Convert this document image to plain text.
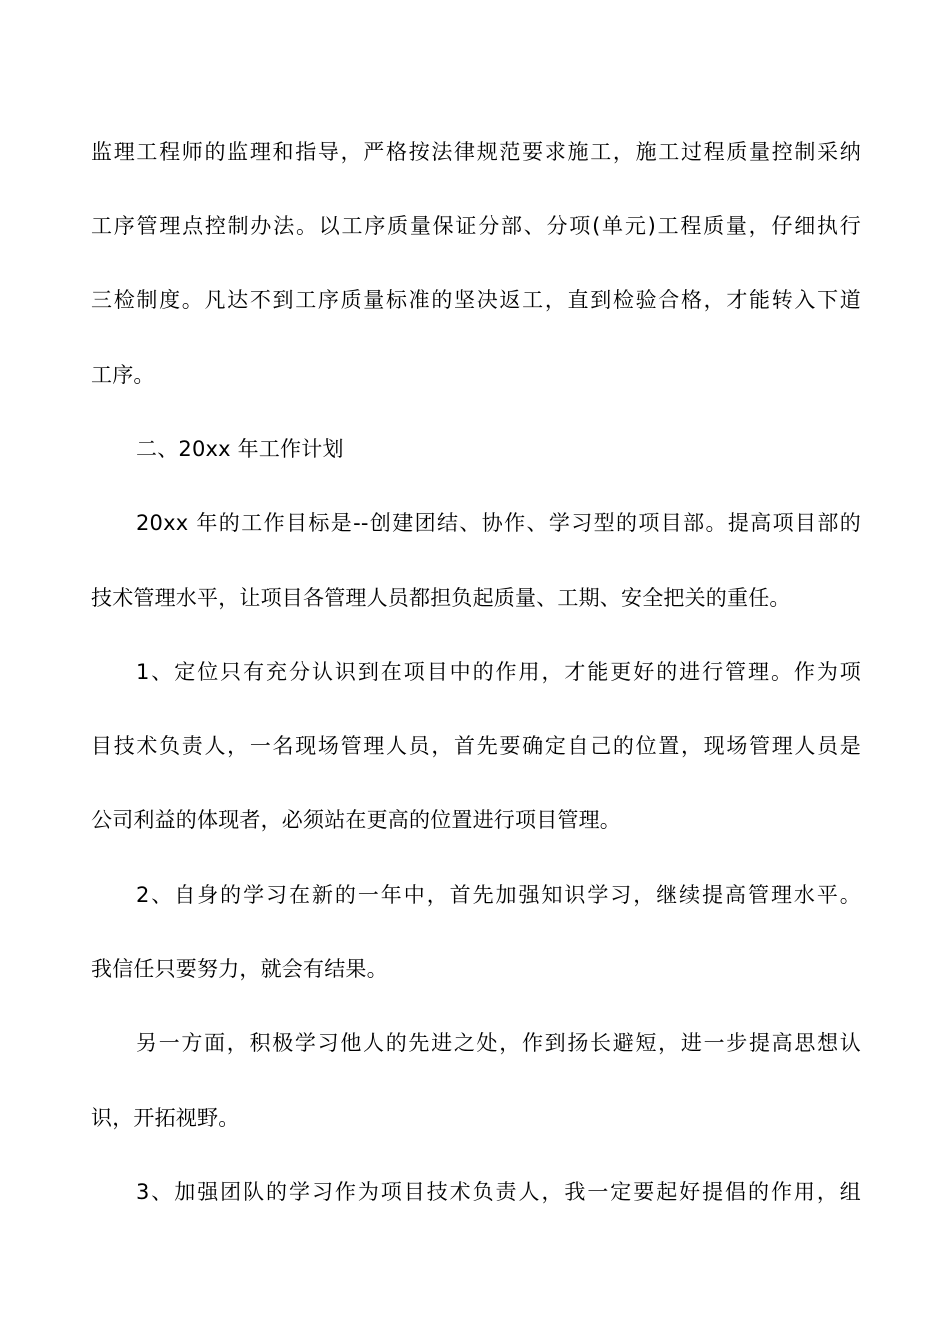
监理工程师的监理和指导，严格按法律规范要求施工，施工过程质量控制采纳
工序管理点控制办法。以工序质量保证分部、分项(单元)工程质量，仔细执行
三检制度。凡达不到工序质量标准的坚决返工，直到检验合格，才能转入下道
工序。
二、20xx 年工作计划
20xx 年的工作目标是--创建团结、协作、学习型的项目部。提高项目部的
技术管理水平，让项目各管理人员都担负起质量、工期、安全把关的重任。
1、定位只有充分认识到在项目中的作用，才能更好的进行管理。作为项
目技术负责人，一名现场管理人员，首先要确定自己的位置，现场管理人员是
公司利益的体现者，必须站在更高的位置进行项目管理。
2、自身的学习在新的一年中，首先加强知识学习，继续提高管理水平。
我信任只要努力，就会有结果。
另一方面，积极学习他人的先进之处，作到扬长避短，进一步提高思想认
识，开拓视野。
3、加强团队的学习作为项目技术负责人，我一定要起好提倡的作用，组
